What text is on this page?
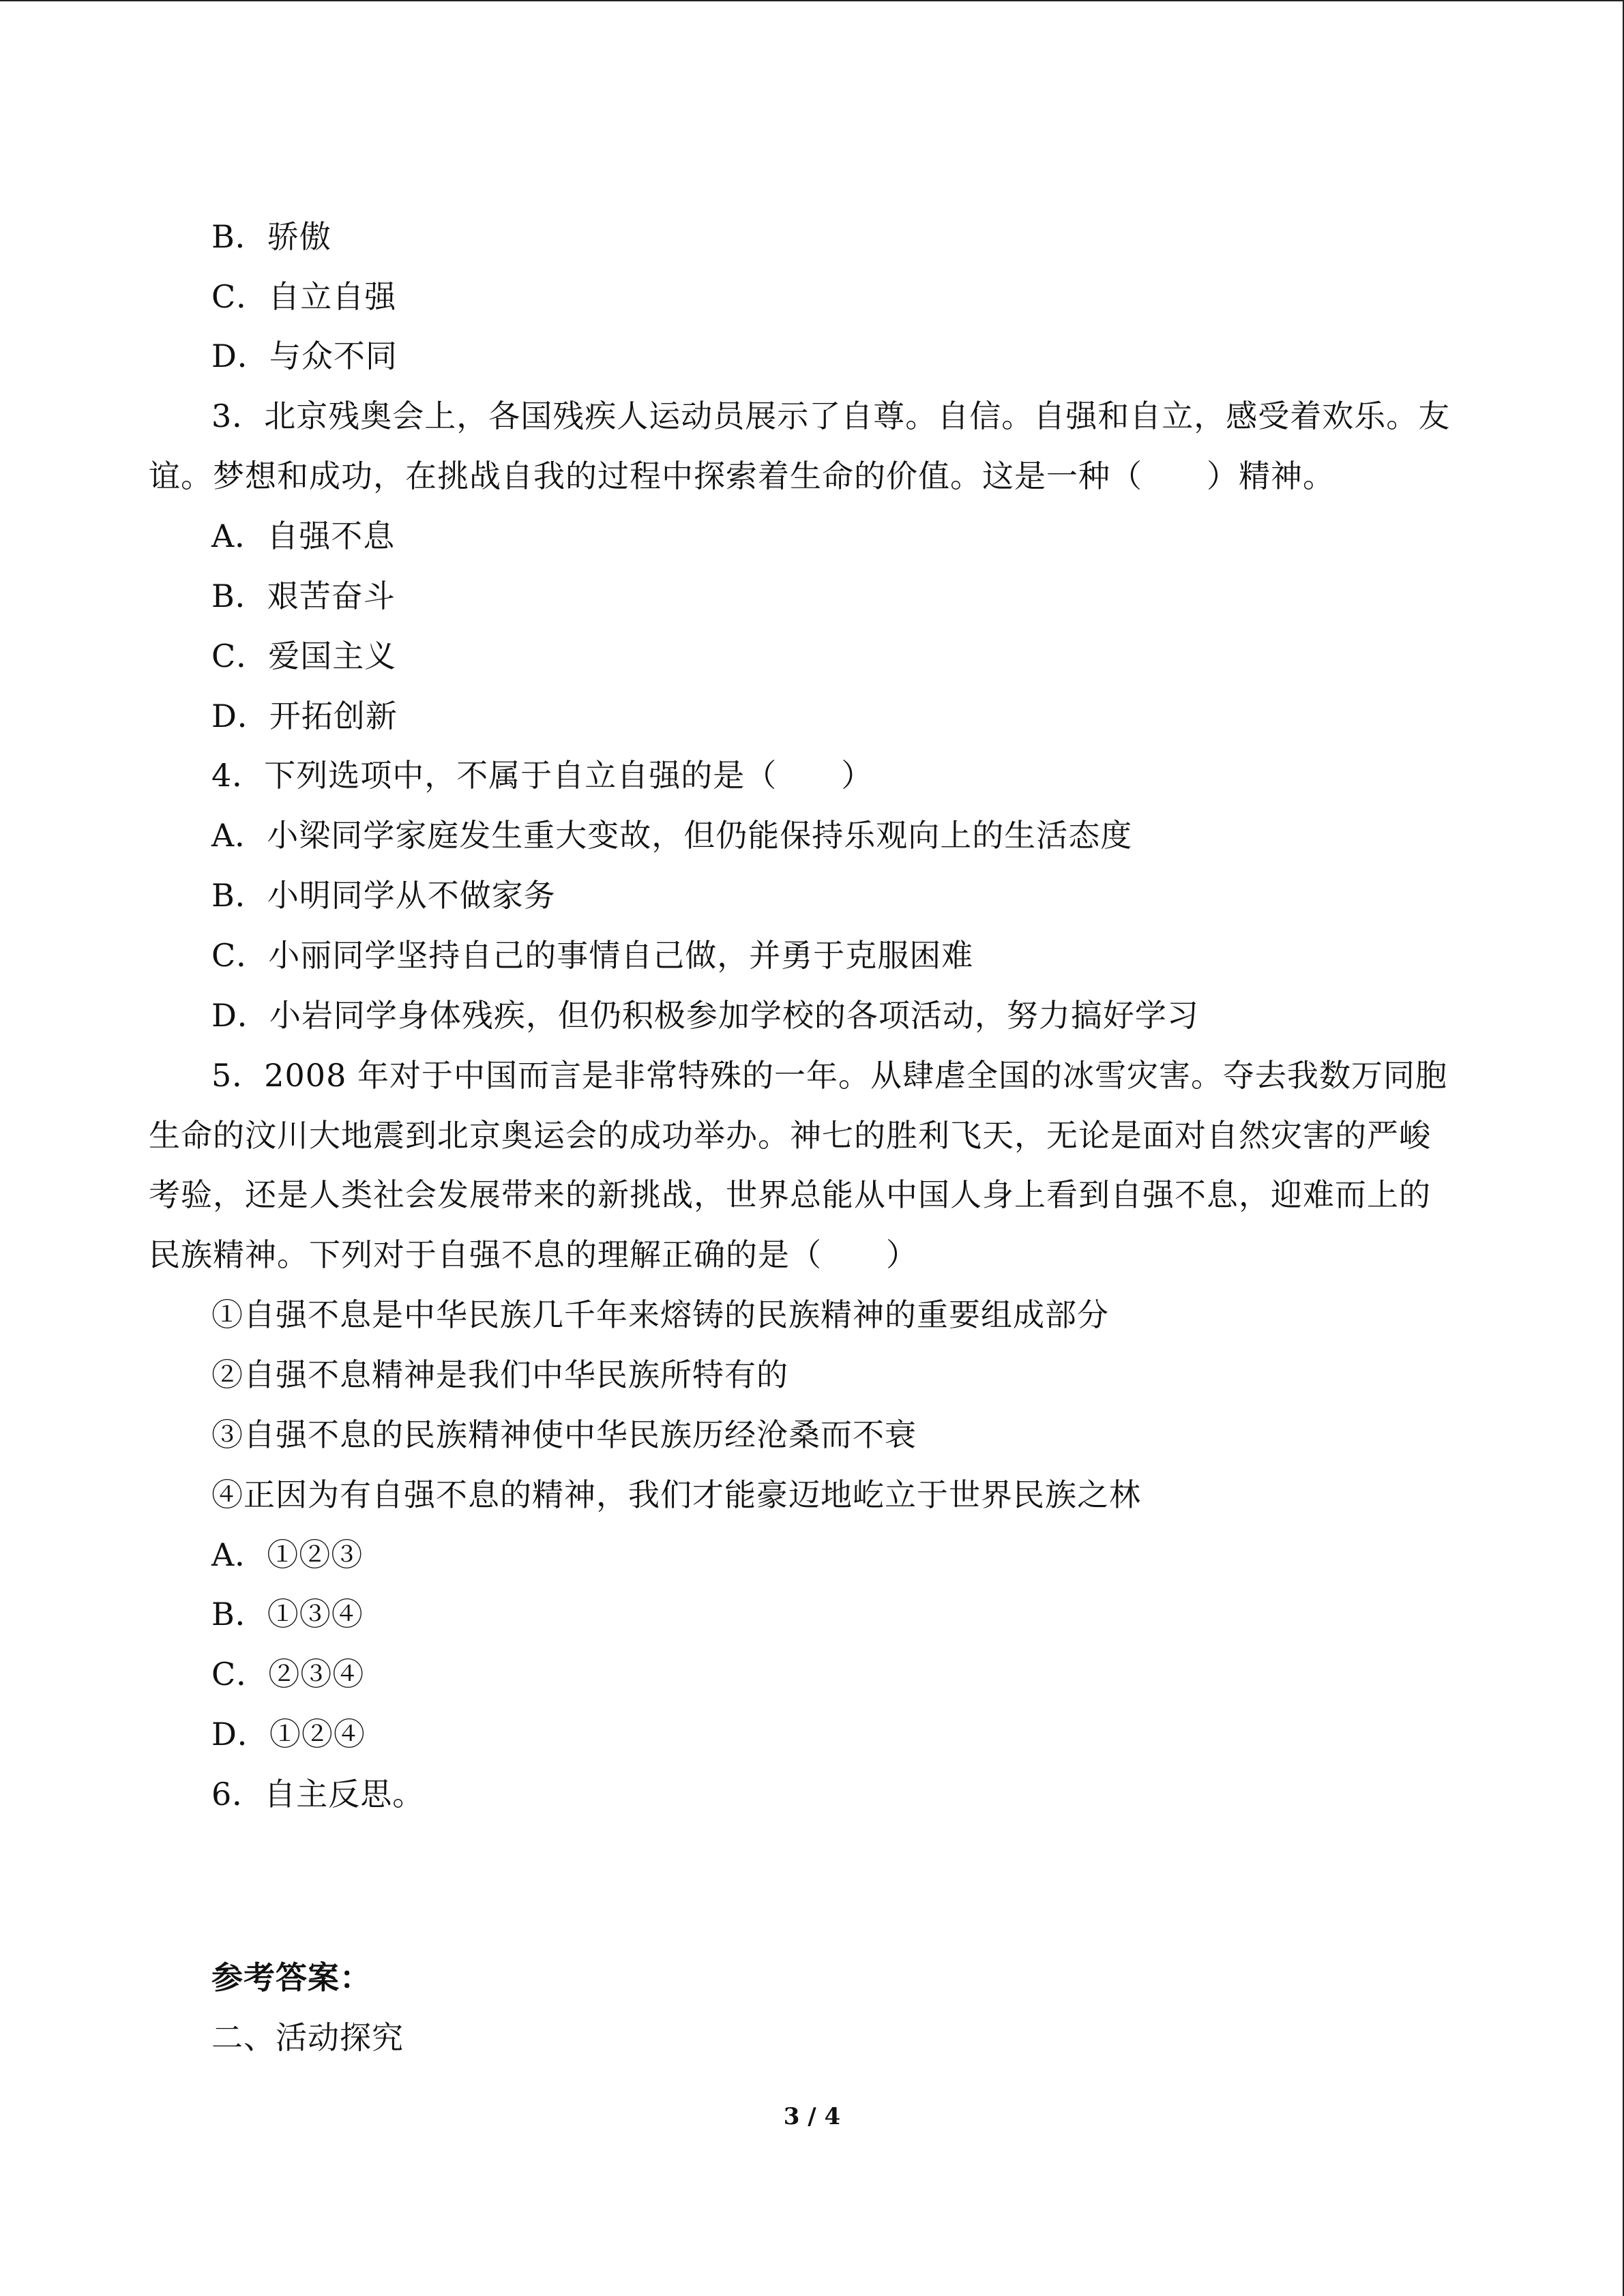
B．骄傲
C．自立自强
D．与众不同
3．北京残奥会上，各国残疾人运动员展示了自尊。自信。自强和自立，感受着欢乐。友
谊。梦想和成功，在挑战自我的过程中探索着生命的价值。这是一种（　　）精神。
A．自强不息
B．艰苦奋斗
C．爱国主义
D．开拓创新
4．下列选项中，不属于自立自强的是（　　）
A．小梁同学家庭发生重大变故，但仍能保持乐观向上的生活态度
B．小明同学从不做家务
C．小丽同学坚持自己的事情自己做，并勇于克服困难
D．小岩同学身体残疾，但仍积极参加学校的各项活动，努力搞好学习
5．2008 年对于中国而言是非常特殊的一年。从肆虐全国的冰雪灾害。夺去我数万同胞
生命的汶川大地震到北京奥运会的成功举办。神七的胜利飞天，无论是面对自然灾害的严峻
考验，还是人类社会发展带来的新挑战，世界总能从中国人身上看到自强不息，迎难而上的
民族精神。下列对于自强不息的理解正确的是（　　）
①自强不息是中华民族几千年来熔铸的民族精神的重要组成部分
②自强不息精神是我们中华民族所特有的
③自强不息的民族精神使中华民族历经沧桑而不衰
④正因为有自强不息的精神，我们才能豪迈地屹立于世界民族之林
A．①②③
B．①③④
C．②③④
D．①②④
6．自主反思。
参考答案：
二、活动探究
3 / 4
